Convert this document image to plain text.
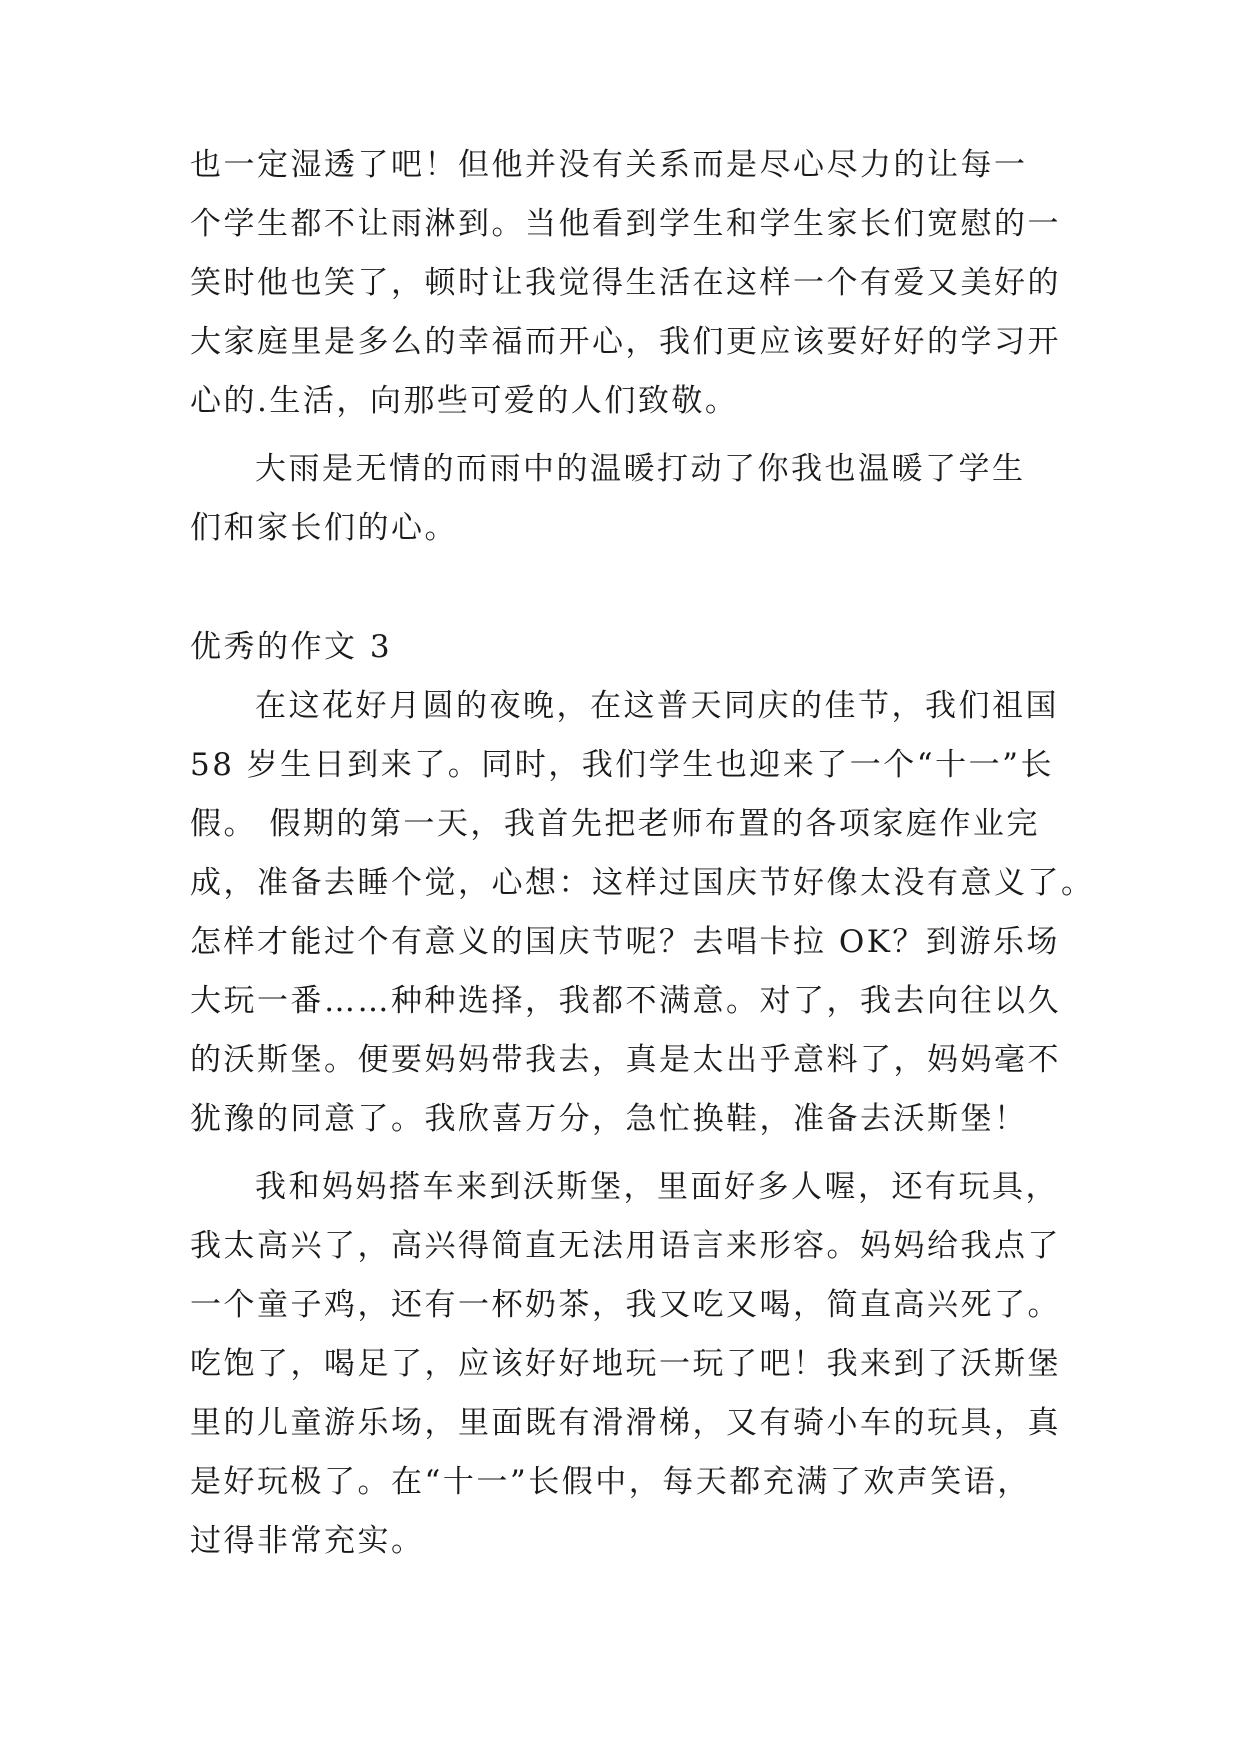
也一定湿透了吧！但他并没有关系而是尽心尽力的让每一
个学生都不让雨淋到。当他看到学生和学生家长们宽慰的一
笑时他也笑了，顿时让我觉得生活在这样一个有爱又美好的
大家庭里是多么的幸福而开心，我们更应该要好好的学习开
心的.生活，向那些可爱的人们致敬。
大雨是无情的而雨中的温暖打动了你我也温暖了学生
们和家长们的心。
优秀的作文 3
在这花好月圆的夜晚，在这普天同庆的佳节，我们祖国
58 岁生日到来了。同时，我们学生也迎来了一个“十一”长
假。 假期的第一天，我首先把老师布置的各项家庭作业完
成，准备去睡个觉，心想：这样过国庆节好像太没有意义了。
怎样才能过个有意义的国庆节呢？去唱卡拉 OK？到游乐场
大玩一番……种种选择，我都不满意。对了，我去向往以久
的沃斯堡。便要妈妈带我去，真是太出乎意料了，妈妈毫不
犹豫的同意了。我欣喜万分，急忙换鞋，准备去沃斯堡！
我和妈妈搭车来到沃斯堡，里面好多人喔，还有玩具，
我太高兴了，高兴得简直无法用语言来形容。妈妈给我点了
一个童子鸡，还有一杯奶茶，我又吃又喝，简直高兴死了。
吃饱了，喝足了，应该好好地玩一玩了吧！我来到了沃斯堡
里的儿童游乐场，里面既有滑滑梯，又有骑小车的玩具，真
是好玩极了。在“十一”长假中，每天都充满了欢声笑语，
过得非常充实。
